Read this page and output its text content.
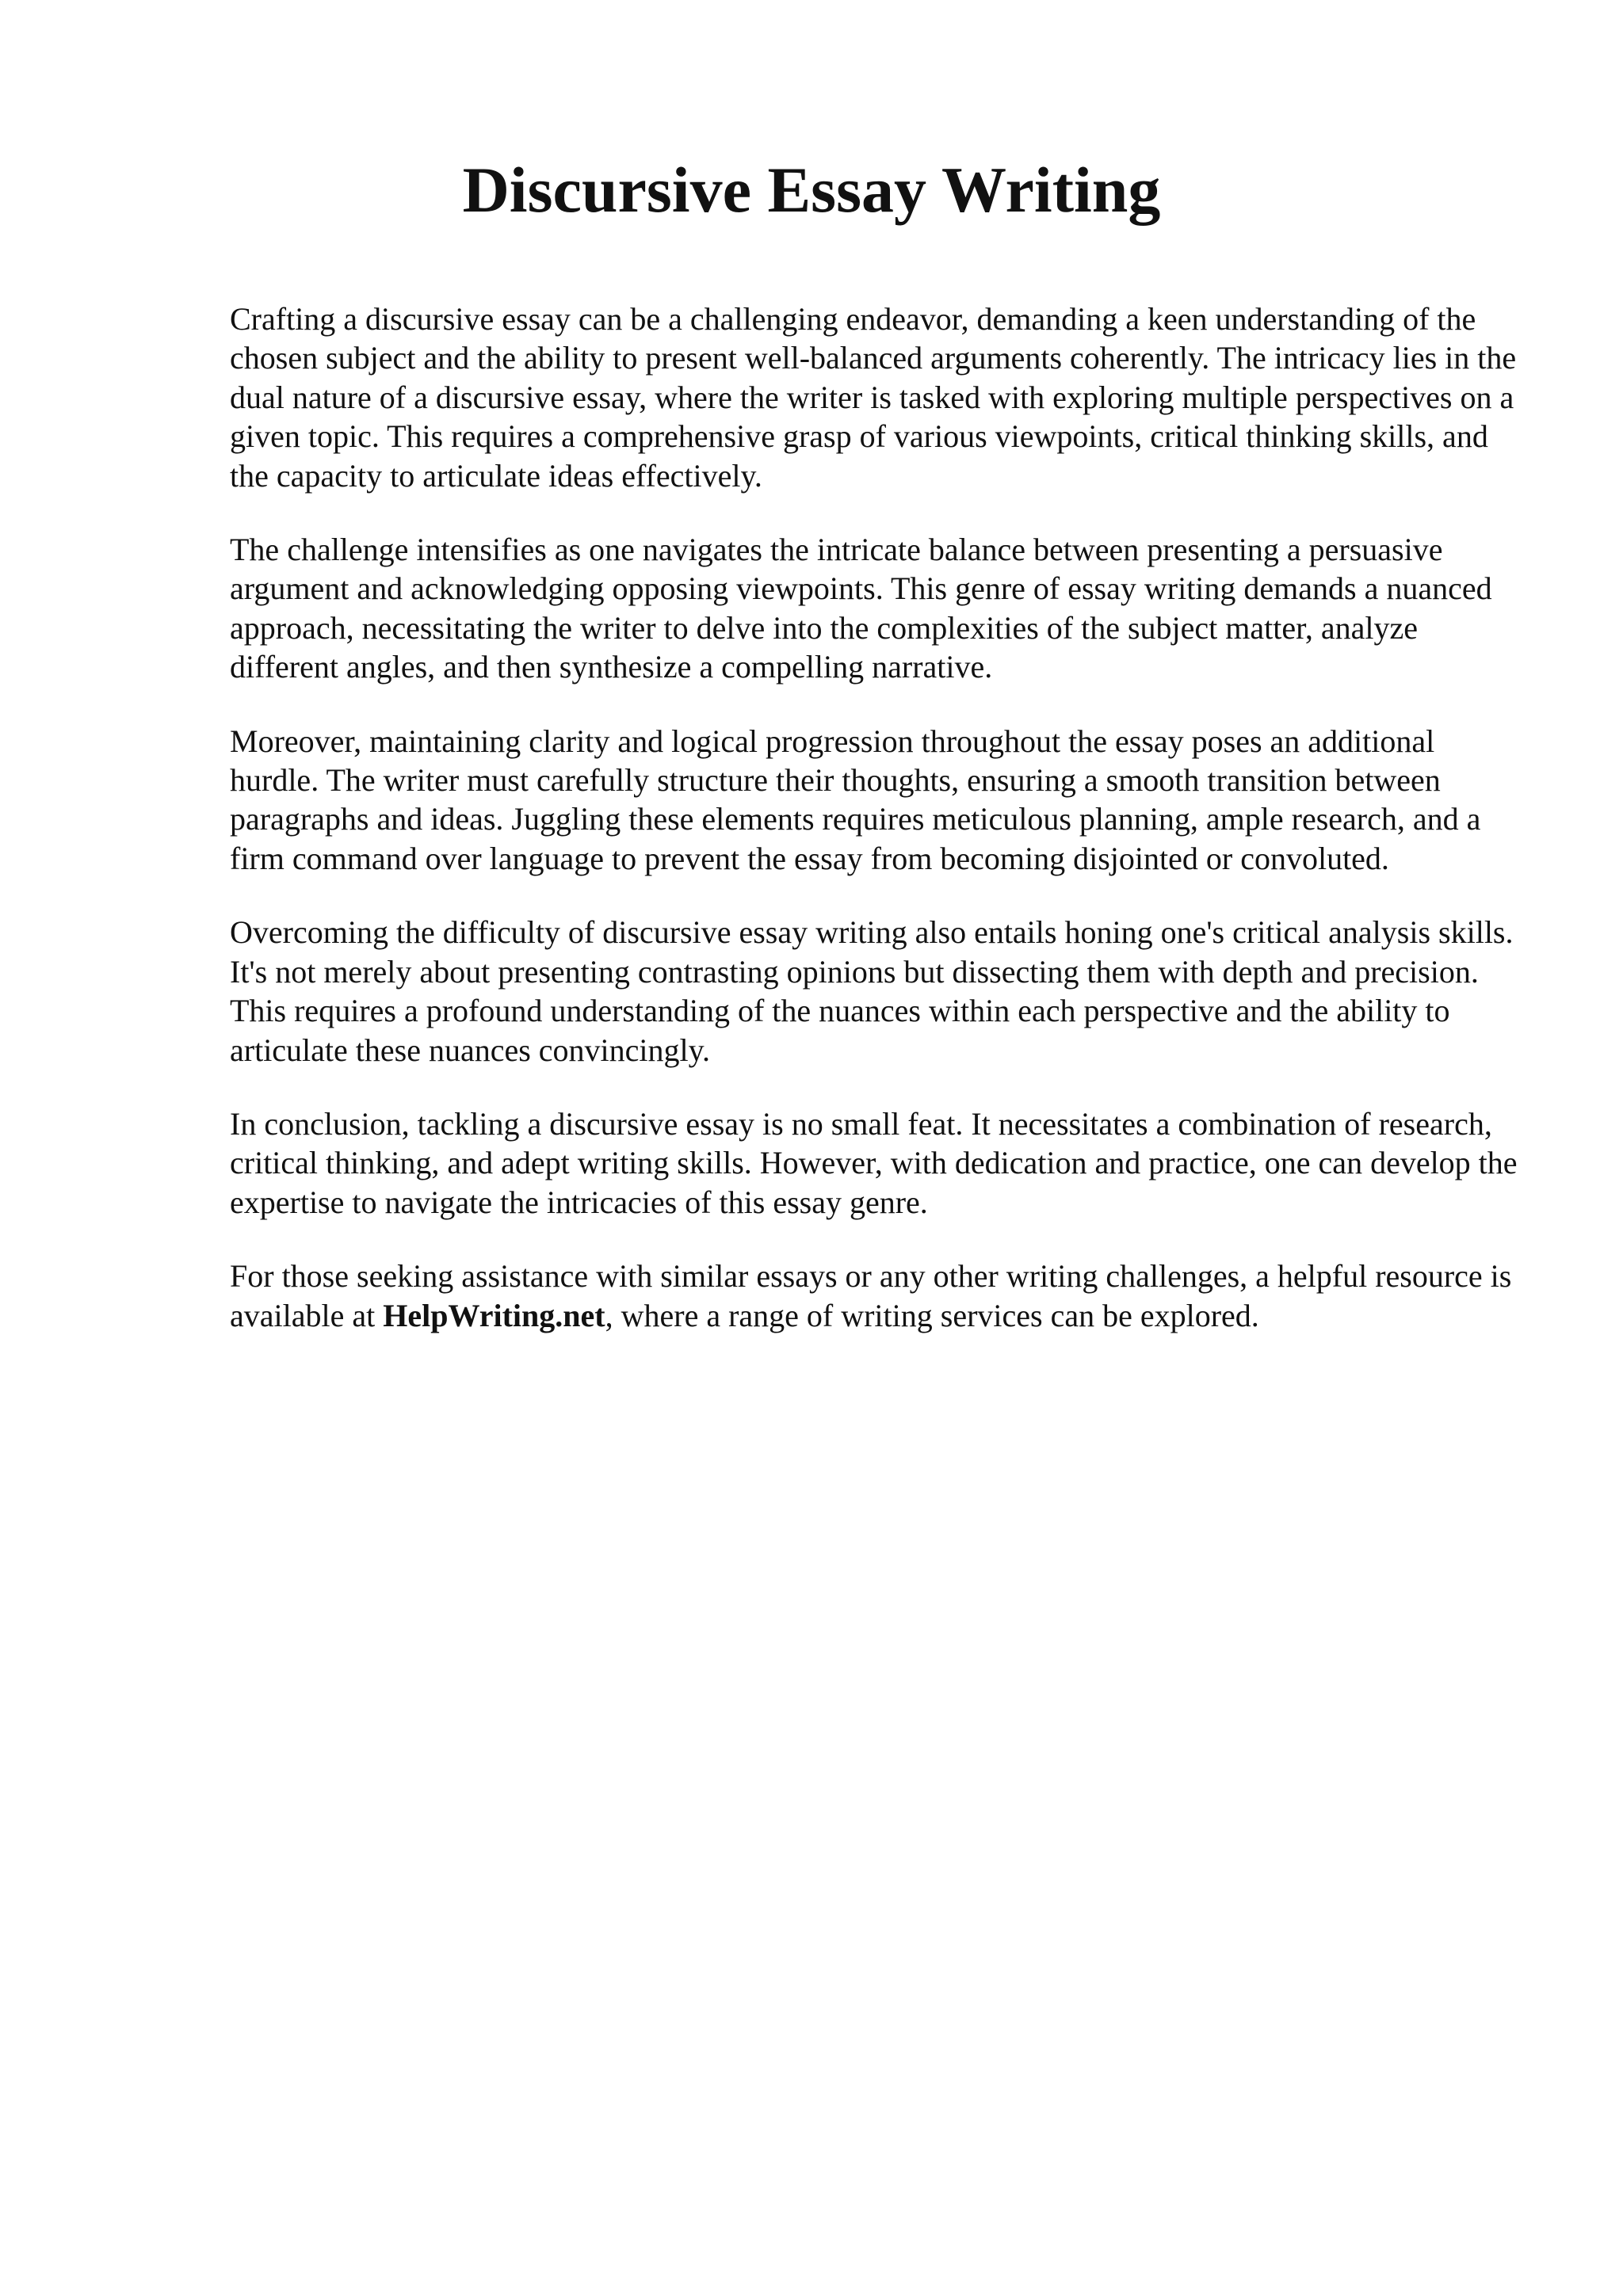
Discursive Essay Writing

Crafting a discursive essay can be a challenging endeavor, demanding a keen understanding of the chosen subject and the ability to present well-balanced arguments coherently. The intricacy lies in the dual nature of a discursive essay, where the writer is tasked with exploring multiple perspectives on a given topic. This requires a comprehensive grasp of various viewpoints, critical thinking skills, and the capacity to articulate ideas effectively.

The challenge intensifies as one navigates the intricate balance between presenting a persuasive argument and acknowledging opposing viewpoints. This genre of essay writing demands a nuanced approach, necessitating the writer to delve into the complexities of the subject matter, analyze different angles, and then synthesize a compelling narrative.

Moreover, maintaining clarity and logical progression throughout the essay poses an additional hurdle. The writer must carefully structure their thoughts, ensuring a smooth transition between paragraphs and ideas. Juggling these elements requires meticulous planning, ample research, and a firm command over language to prevent the essay from becoming disjointed or convoluted.

Overcoming the difficulty of discursive essay writing also entails honing one's critical analysis skills. It's not merely about presenting contrasting opinions but dissecting them with depth and precision. This requires a profound understanding of the nuances within each perspective and the ability to articulate these nuances convincingly.

In conclusion, tackling a discursive essay is no small feat. It necessitates a combination of research, critical thinking, and adept writing skills. However, with dedication and practice, one can develop the expertise to navigate the intricacies of this essay genre.

For those seeking assistance with similar essays or any other writing challenges, a helpful resource is available at HelpWriting.net, where a range of writing services can be explored.
